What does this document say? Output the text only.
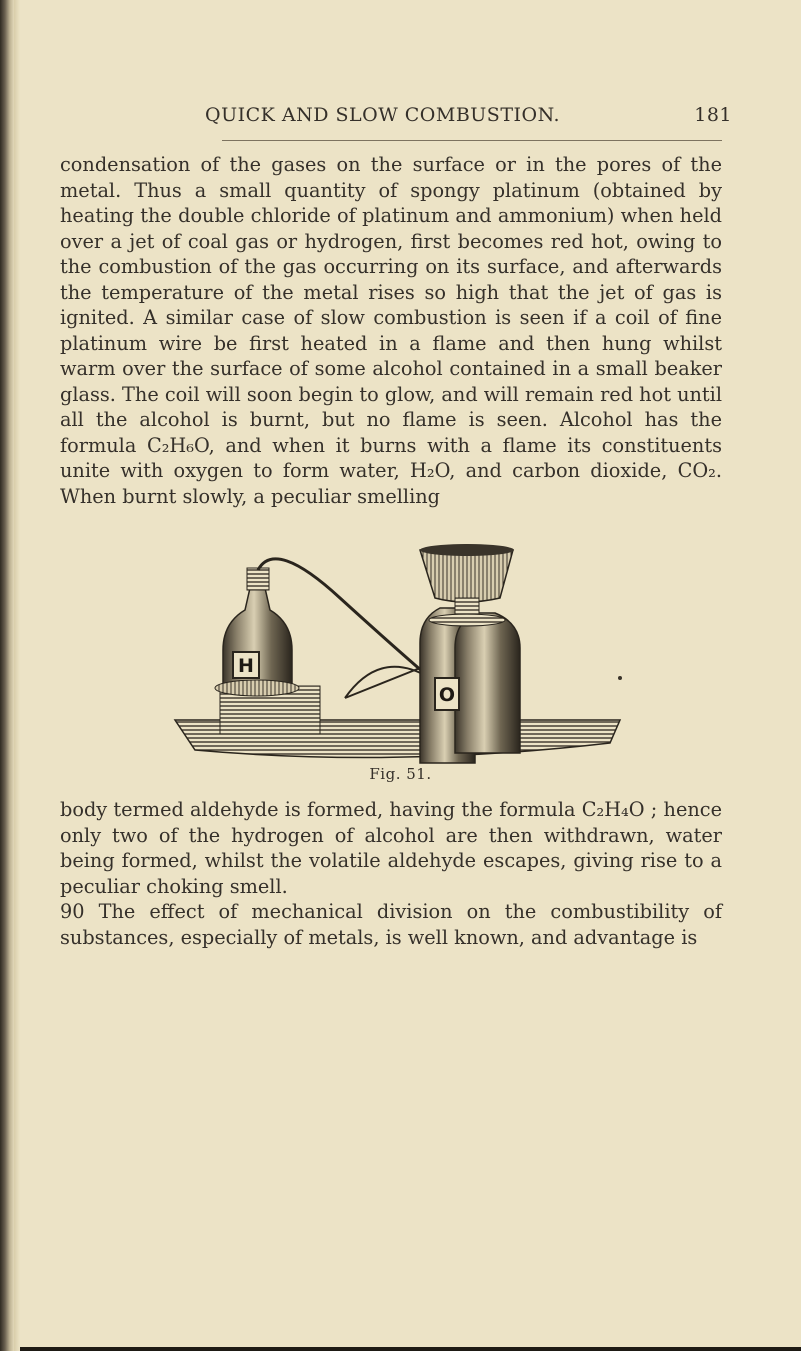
QUICK AND SLOW COMBUSTION.	181

condensation of the gases on the surface or in the pores of the metal. Thus a small quantity of spongy platinum (obtained by heating the double chloride of platinum and ammonium) when held over a jet of coal gas or hydrogen, first becomes red hot, owing to the combustion of the gas occurring on its surface, and afterwards the temperature of the metal rises so high that the jet of gas is ignited. A similar case of slow combustion is seen if a coil of fine platinum wire be first heated in a flame and then hung whilst warm over the surface of some alcohol contained in a small beaker glass. The coil will soon begin to glow, and will remain red hot until all the alcohol is burnt, but no flame is seen. Alcohol has the formula C₂H₆O, and when it burns with a flame its constituents unite with oxygen to form water, H₂O, and carbon dioxide, CO₂. When burnt slowly, a peculiar smelling

H
O
Fig. 51.

body termed aldehyde is formed, having the formula C₂H₄O ; hence only two of the hydrogen of alcohol are then withdrawn, water being formed, whilst the volatile aldehyde escapes, giving rise to a peculiar choking smell.

90 The effect of mechanical division on the combustibility of substances, especially of metals, is well known, and advantage is
